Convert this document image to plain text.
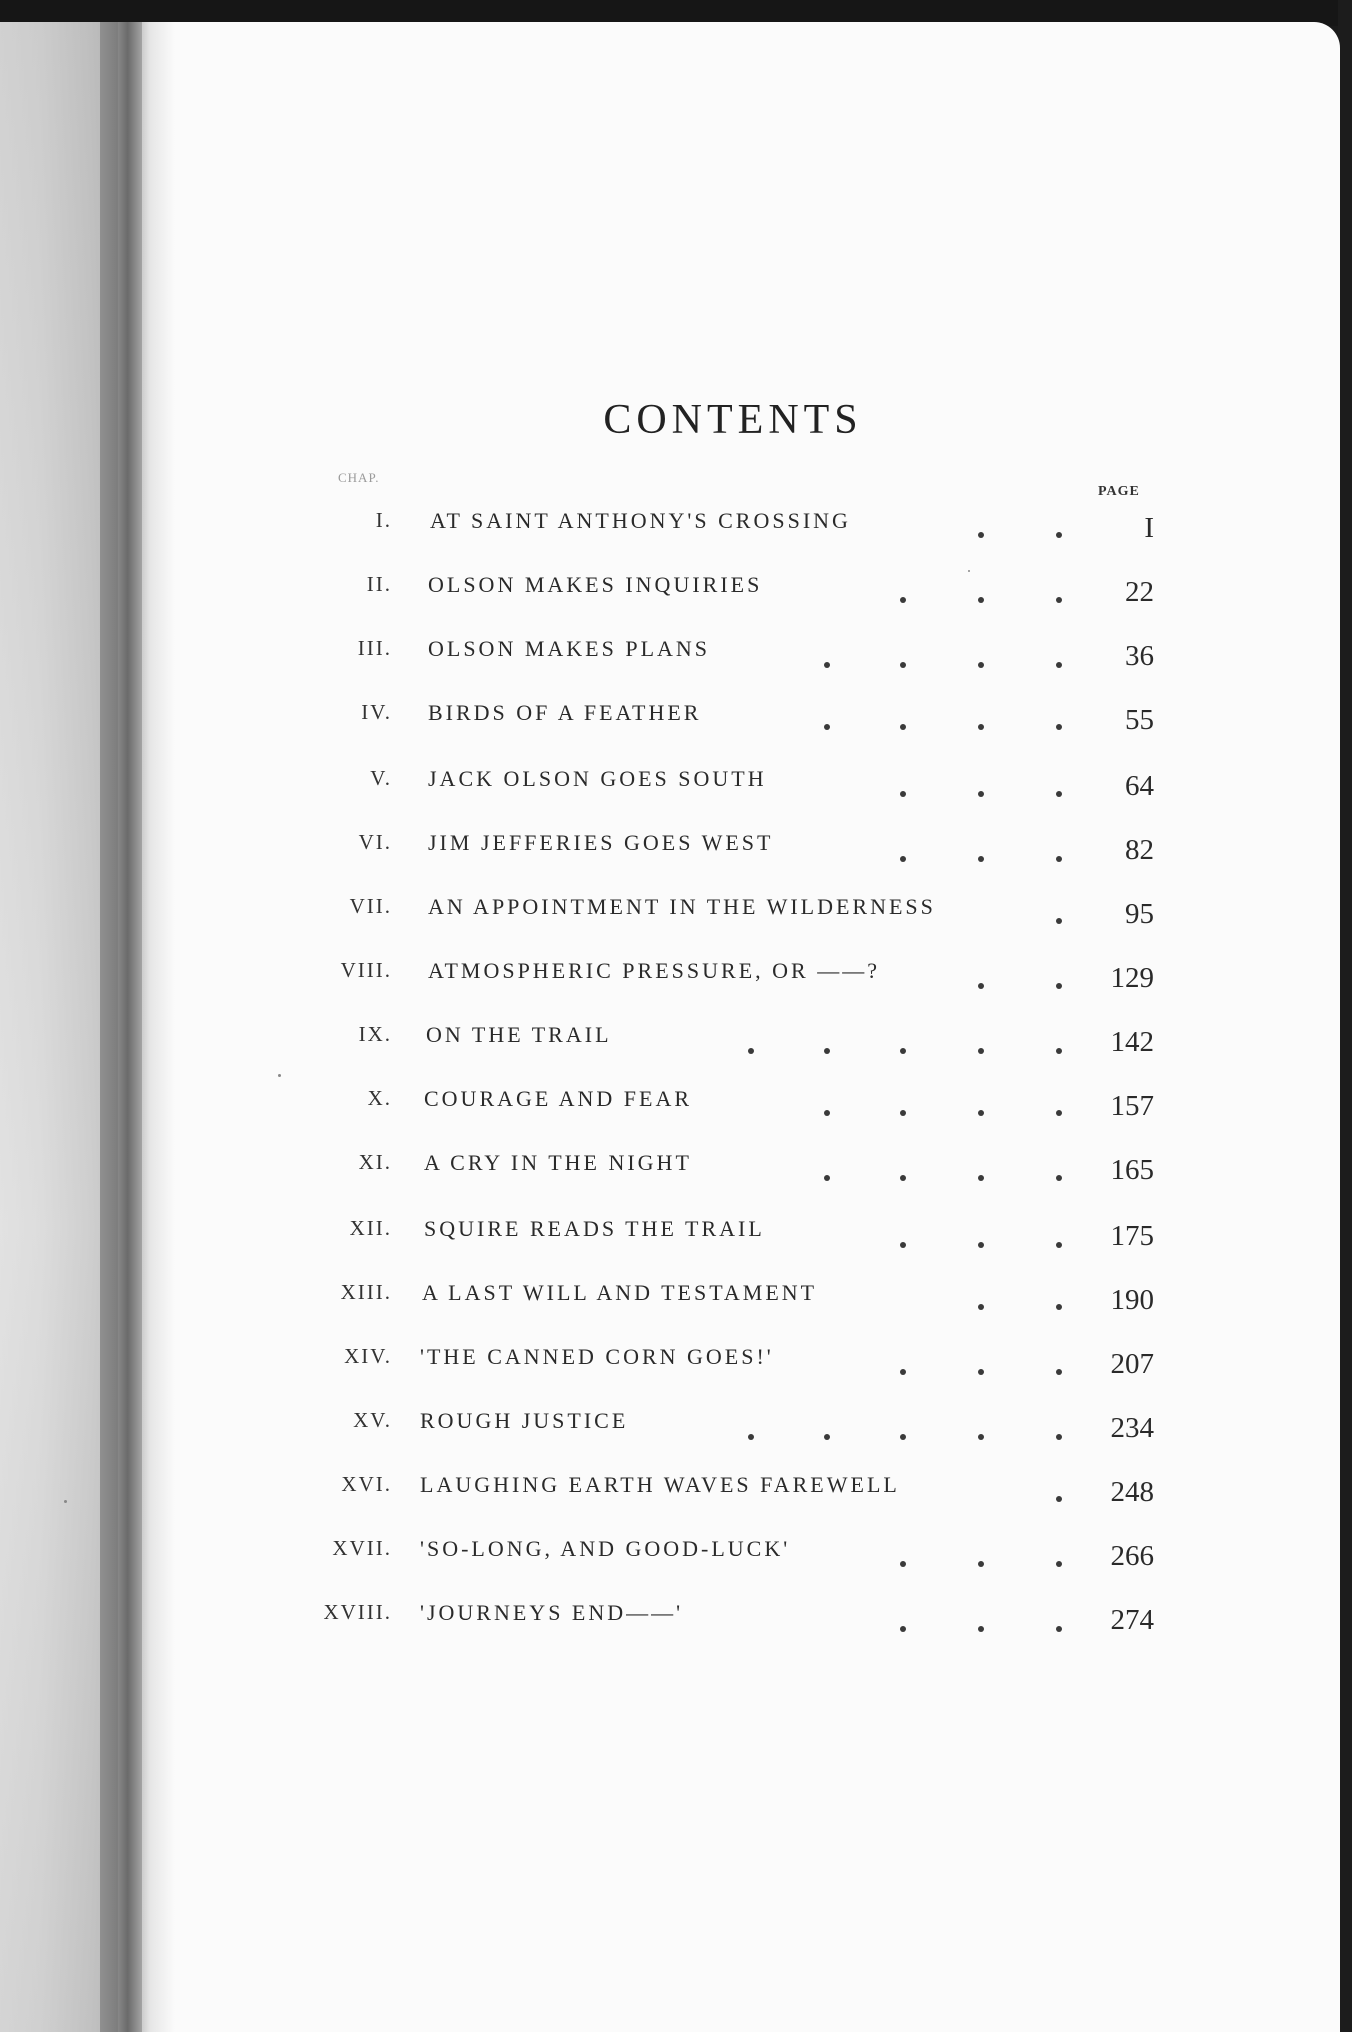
CONTENTS
CHAP.
PAGE
I. AT SAINT ANTHONY'S CROSSING	I
II. OLSON MAKES INQUIRIES	22
III. OLSON MAKES PLANS	36
IV. BIRDS OF A FEATHER	55
V. JACK OLSON GOES SOUTH	64
VI. JIM JEFFERIES GOES WEST	82
VII. AN APPOINTMENT IN THE WILDERNESS	95
VIII. ATMOSPHERIC PRESSURE, OR ——?	129
IX. ON THE TRAIL	142
X. COURAGE AND FEAR	157
XI. A CRY IN THE NIGHT	165
XII. SQUIRE READS THE TRAIL	175
XIII. A LAST WILL AND TESTAMENT	190
XIV. 'THE CANNED CORN GOES!'	207
XV. ROUGH JUSTICE	234
XVI. LAUGHING EARTH WAVES FAREWELL	248
XVII. 'SO-LONG, AND GOOD-LUCK'	266
XVIII. 'JOURNEYS END——'	274
